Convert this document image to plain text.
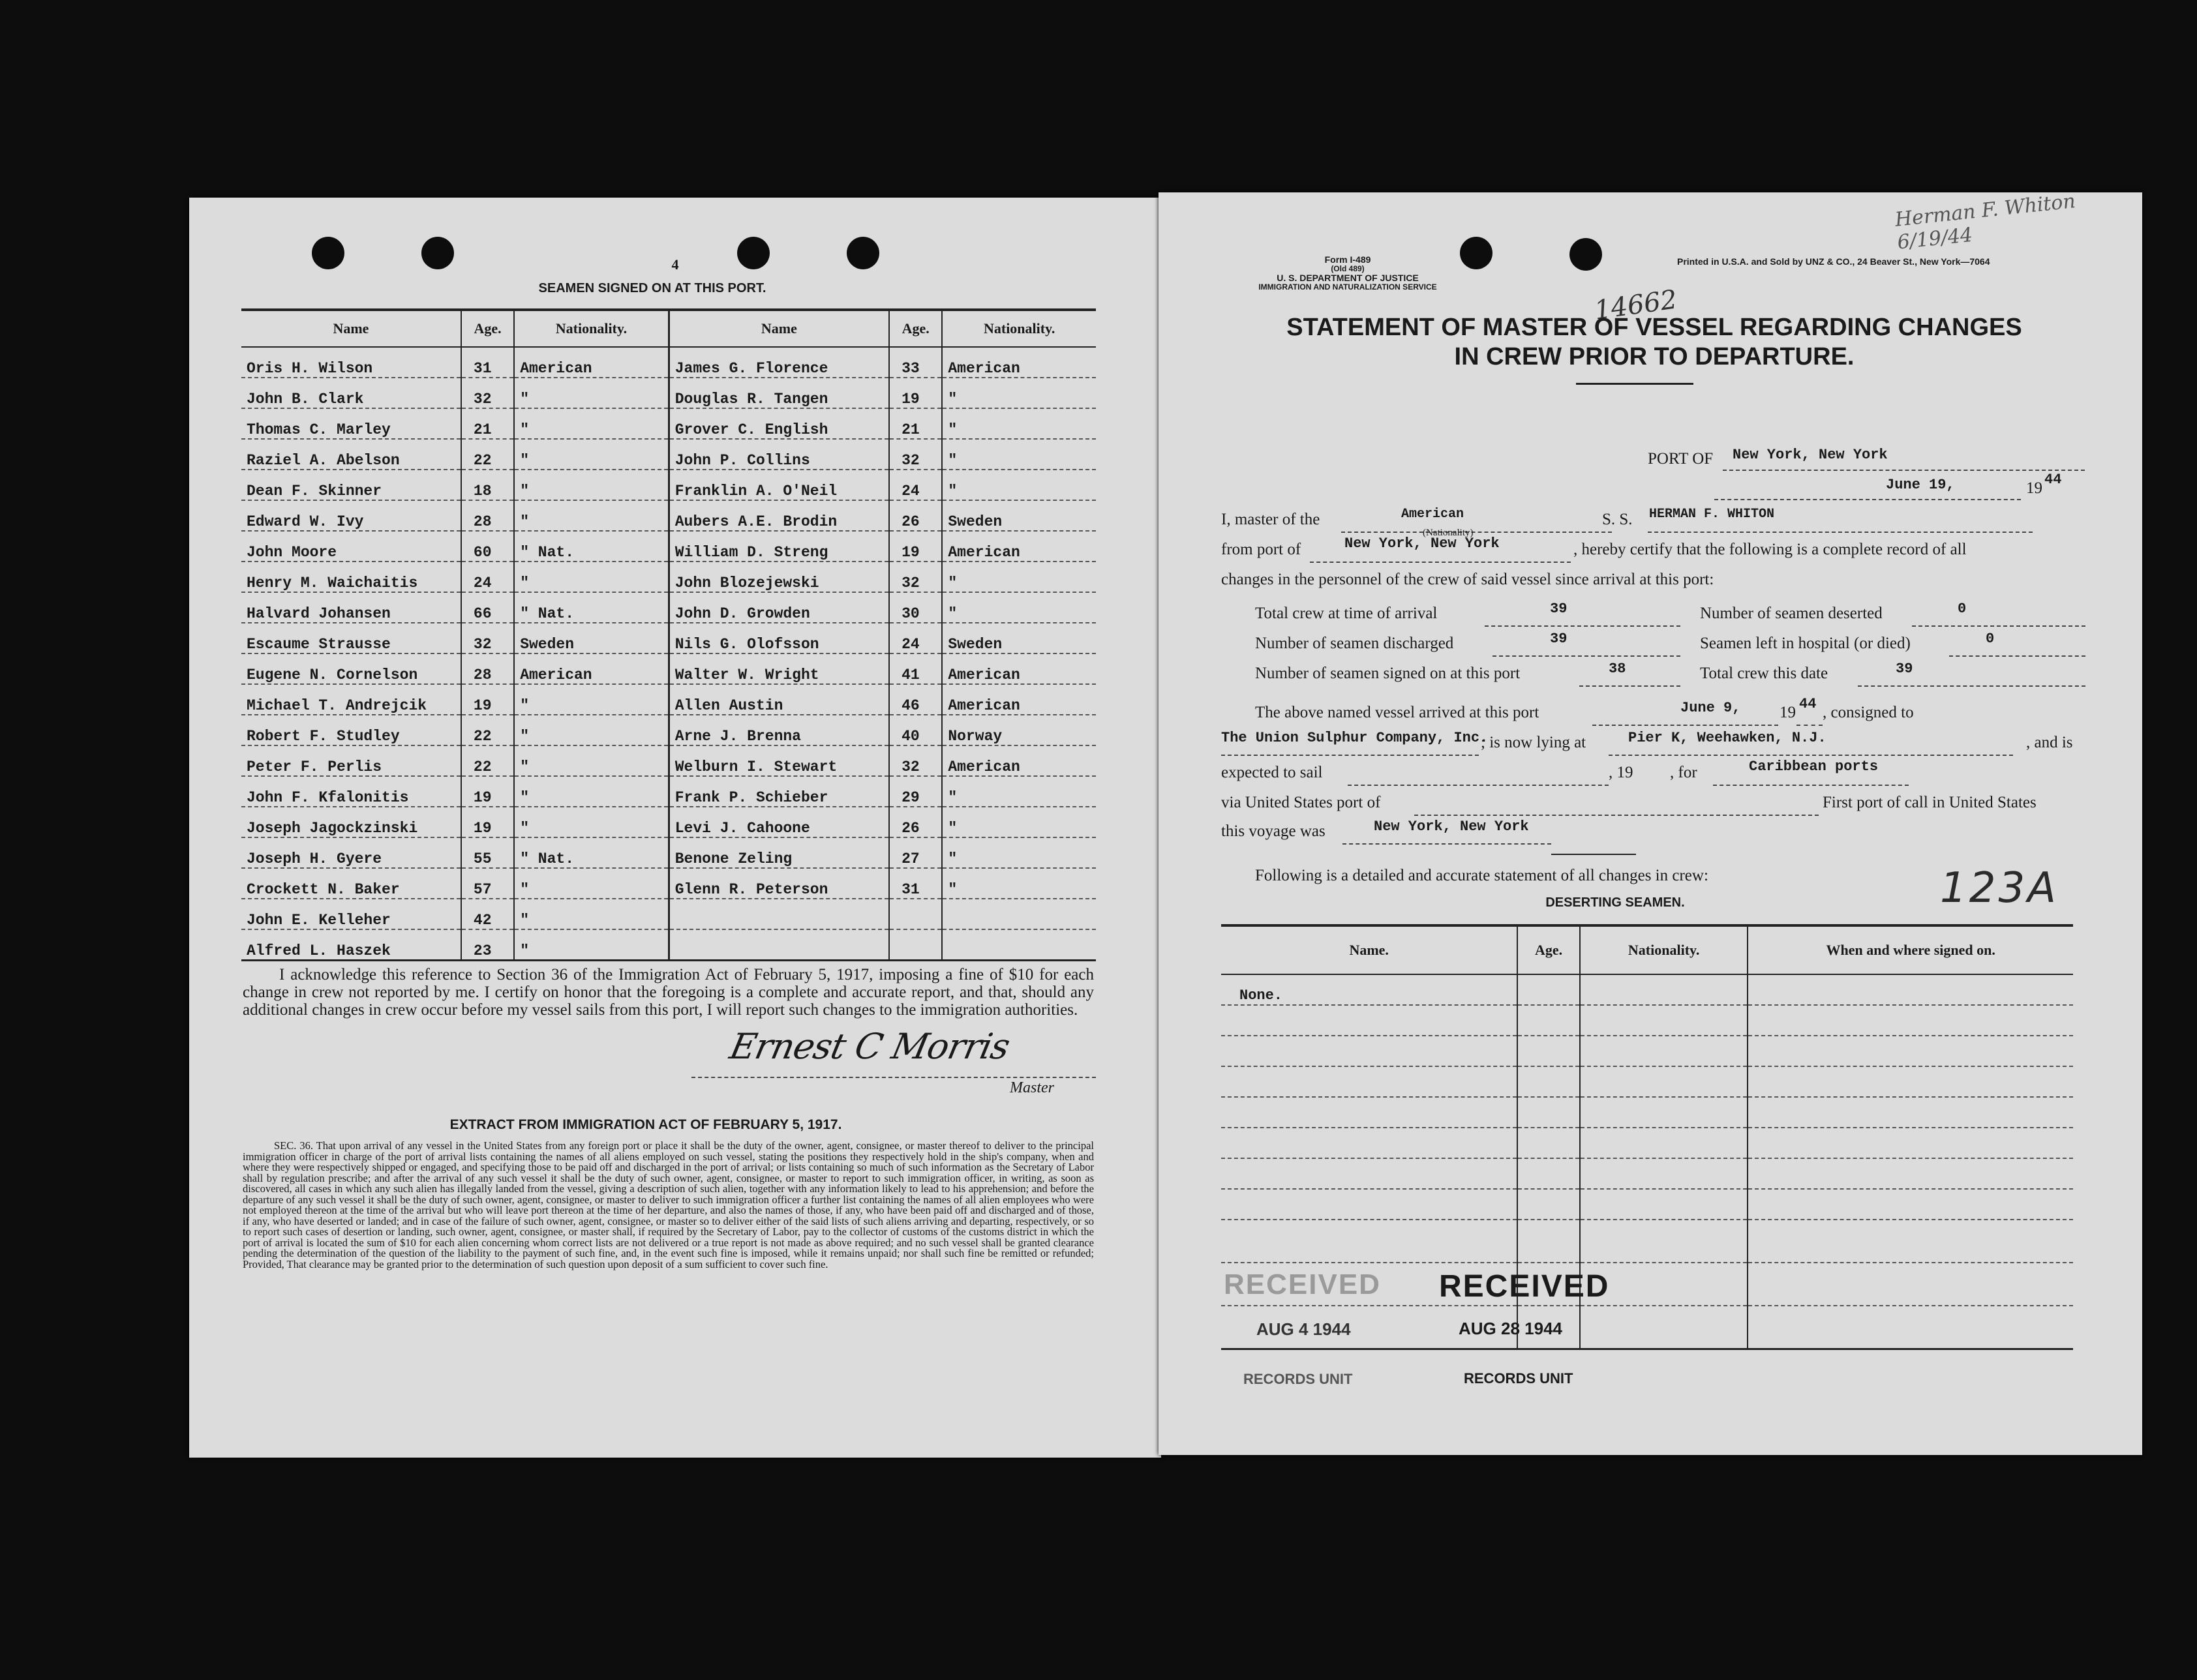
4
SEAMEN SIGNED ON AT THIS PORT.
Name	Age.	Nationality.	Name	Age.	Nationality.
Oris H. Wilson	31	American	James G. Florence	33	American
John B. Clark	32	"	Douglas R. Tangen	19	"
Thomas C. Marley	21	"	Grover C. English	21	"
Raziel A. Abelson	22	"	John P. Collins	32	"
Dean F. Skinner	18	"	Franklin A. O'Neil	24	"
Edward W. Ivy	28	"	Aubers A.E. Brodin	26	Sweden
John Moore	60	" Nat.	William D. Streng	19	American
Henry M. Waichaitis	24	"	John Blozejewski	32	"
Halvard Johansen	66	" Nat.	John D. Growden	30	"
Escaume Strausse	32	Sweden	Nils G. Olofsson	24	Sweden
Eugene N. Cornelson	28	American	Walter W. Wright	41	American
Michael T. Andrejcik	19	"	Allen Austin	46	American
Robert F. Studley	22	"	Arne J. Brenna	40	Norway
Peter F. Perlis	22	"	Welburn I. Stewart	32	American
John F. Kfalonitis	19	"	Frank P. Schieber	29	"
Joseph Jagockzinski	19	"	Levi J. Cahoone	26	"
Joseph H. Gyere	55	" Nat.	Benone Zeling	27	"
Crockett N. Baker	57	"	Glenn R. Peterson	31	"
John E. Kelleher	42	"			
Alfred L. Haszek	23	"			
I acknowledge this reference to Section 36 of the Immigration Act of February 5, 1917, imposing a fine of $10 for each change in crew not reported by me. I certify on honor that the foregoing is a complete and accurate report, and that, should any additional changes in crew occur before my vessel sails from this port, I will report such changes to the immigration authorities.
Ernest C Morris
Master
EXTRACT FROM IMMIGRATION ACT OF FEBRUARY 5, 1917.
SEC. 36. That upon arrival of any vessel in the United States from any foreign port or place it shall be the duty of the owner, agent, consignee, or master thereof to deliver to the principal immigration officer in charge of the port of arrival lists containing the names of all aliens employed on such vessel, stating the positions they respectively hold in the ship's company, when and where they were respectively shipped or engaged, and specifying those to be paid off and discharged in the port of arrival; or lists containing so much of such information as the Secretary of Labor shall by regulation prescribe; and after the arrival of any such vessel it shall be the duty of such owner, agent, consignee, or master to report to such immigration officer, in writing, as soon as discovered, all cases in which any such alien has illegally landed from the vessel, giving a description of such alien, together with any information likely to lead to his apprehension; and before the departure of any such vessel it shall be the duty of such owner, agent, consignee, or master to deliver to such immigration officer a further list containing the names of all alien employees who were not employed thereon at the time of the arrival but who will leave port thereon at the time of her departure, and also the names of those, if any, who have been paid off and discharged and of those, if any, who have deserted or landed; and in case of the failure of such owner, agent, consignee, or master so to deliver either of the said lists of such aliens arriving and departing, respectively, or so to report such cases of desertion or landing, such owner, agent, consignee, or master shall, if required by the Secretary of Labor, pay to the collector of customs of the customs district in which the port of arrival is located the sum of $10 for each alien concerning whom correct lists are not delivered or a true report is not made as above required; and no such vessel shall be granted clearance pending the determination of the question of the liability to the payment of such fine, and, in the event such fine is imposed, while it remains unpaid; nor shall such fine be remitted or refunded; Provided, That clearance may be granted prior to the determination of such question upon deposit of a sum sufficient to cover such fine.
Form I-489
(Old 489)
U. S. DEPARTMENT OF JUSTICE
IMMIGRATION AND NATURALIZATION SERVICE
Printed in U.S.A. and Sold by UNZ & CO., 24 Beaver St., New York—7064
Herman F. Whiton 6/19/44
14662
STATEMENT OF MASTER OF VESSEL REGARDING CHANGES
IN CREW PRIOR TO DEPARTURE.
PORT OF New York, New York
June 19,	19 44
I, master of the	American
(Nationality)
S. S. HERMAN F. WHITON
from port of	New York, New York	, hereby certify that the following is a complete record of all
changes in the personnel of the crew of said vessel since arrival at this port:
Total crew at time of arrival	39	Number of seamen deserted	0
Number of seamen discharged	39	Seamen left in hospital (or died)	0
Number of seamen signed on at this port	38	Total crew this date	39
The above named vessel arrived at this port	June 9, 19 44 , consigned to
The Union Sulphur Company, Inc.
; is now lying at	Pier K, Weehawken, N.J.	, and is
expected to sail	, 19 , for	Caribbean ports
via United States port of	First port of call in United States
this voyage was	New York, New York
Following is a detailed and accurate statement of all changes in crew:	123A
DESERTING SEAMEN.
Name.	Age.	Nationality.	When and where signed on.
None.			

RECEIVED
AUG 4 1944
RECORDS UNIT
RECEIVED
AUG 28 1944
RECORDS UNIT
